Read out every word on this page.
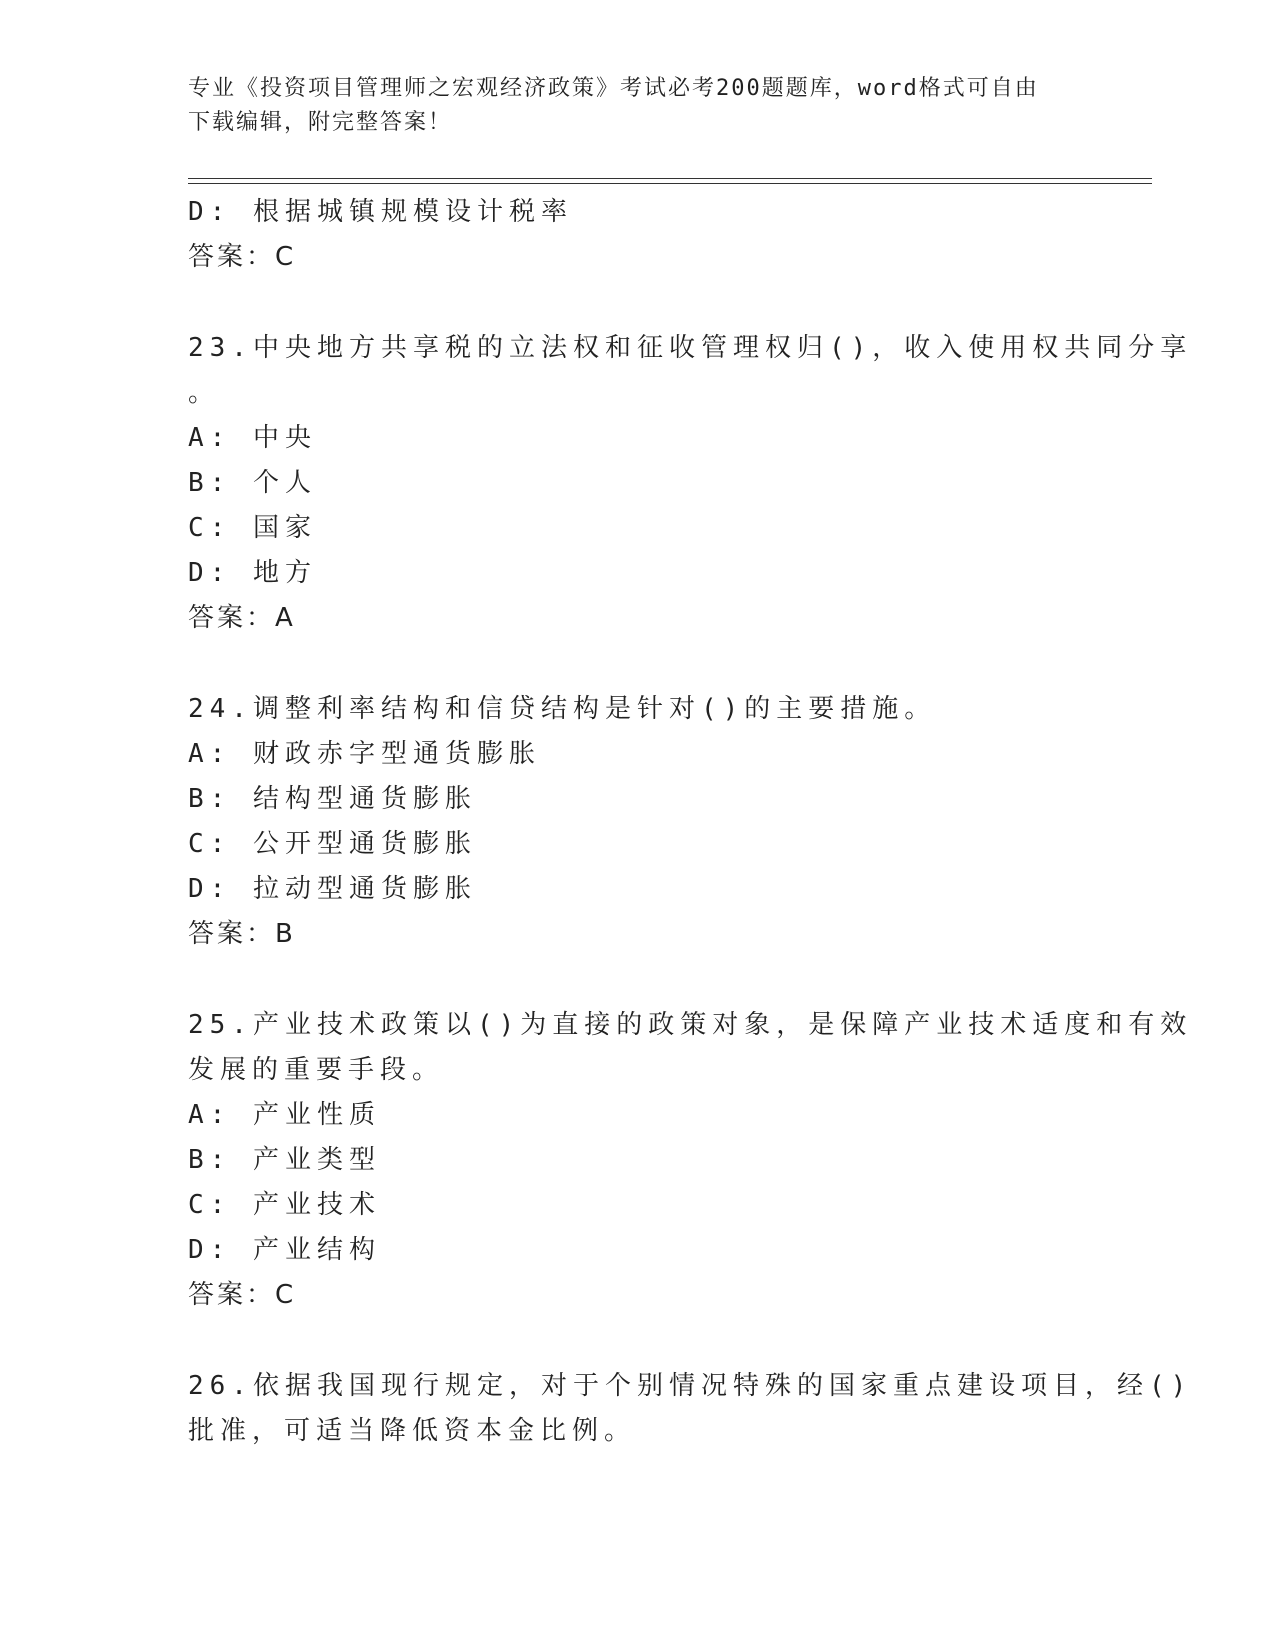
专业《投资项目管理师之宏观经济政策》考试必考200题题库，word格式可自由
下载编辑，附完整答案！
D: 根据城镇规模设计税率
答案：C
23.中央地方共享税的立法权和征收管理权归()，收入使用权共同分享
。
A: 中央
B: 个人
C: 国家
D: 地方
答案：A
24.调整利率结构和信贷结构是针对()的主要措施。
A: 财政赤字型通货膨胀
B: 结构型通货膨胀
C: 公开型通货膨胀
D: 拉动型通货膨胀
答案：B
25.产业技术政策以()为直接的政策对象，是保障产业技术适度和有效
发展的重要手段。
A: 产业性质
B: 产业类型
C: 产业技术
D: 产业结构
答案：C
26.依据我国现行规定，对于个别情况特殊的国家重点建设项目，经()
批准，可适当降低资本金比例。
